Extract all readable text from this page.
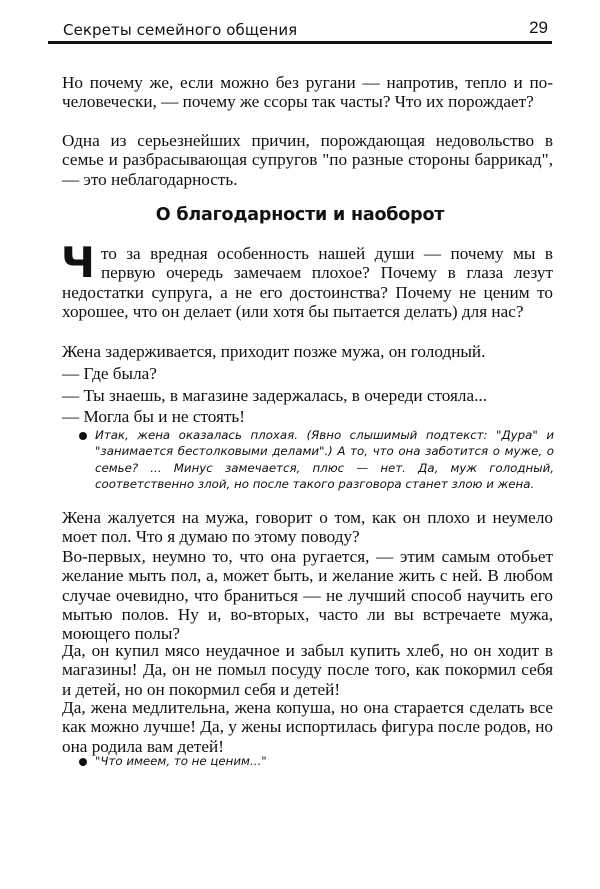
Секреты семейного общения	29

Но почему же, если можно без ругани — напротив, тепло и по-человечески, — почему же ссоры так часты? Что их порождает?

Одна из серьезнейших причин, порождающая недовольство в семье и разбрасывающая супругов "по разные стороны баррикад", — это неблагодарность.

О благодарности и наоборот
Ч то за вредная особенность нашей души — почему мы в первую очередь замечаем плохое? Почему в глаза лезут недостатки супруга, а не его достоинства? Почему не ценим то хорошее, что он делает (или хотя бы пытается делать) для нас?

Жена задерживается, приходит позже мужа, он голодный.

— Где была?

— Ты знаешь, в магазине задержалась, в очереди стояла...

— Могла бы и не стоять!

Итак, жена оказалась плохая. (Явно слышимый подтекст: "Дура" и "занимается бестолковыми делами".) А то, что она заботится о муже, о семье? ... Минус замечается, плюс — нет. Да, муж голодный, соответственно злой, но после такого разговора станет злою и жена.

Жена жалуется на мужа, говорит о том, как он плохо и неумело моет пол. Что я думаю по этому поводу?

Во-первых, неумно то, что она ругается, — этим самым отобьет желание мыть пол, а, может быть, и желание жить с ней. В любом случае очевидно, что браниться — не лучший способ научить его мытью полов. Ну и, во-вторых, часто ли вы встречаете мужа, моющего полы?

Да, он купил мясо неудачное и забыл купить хлеб, но он ходит в магазины! Да, он не помыл посуду после того, как покормил себя и детей, но он покормил себя и детей!

Да, жена медлительна, жена копуша, но она старается сделать все как можно лучше! Да, у жены испортилась фигура после родов, но она родила вам детей!

"Что имеем, то не ценим..."
